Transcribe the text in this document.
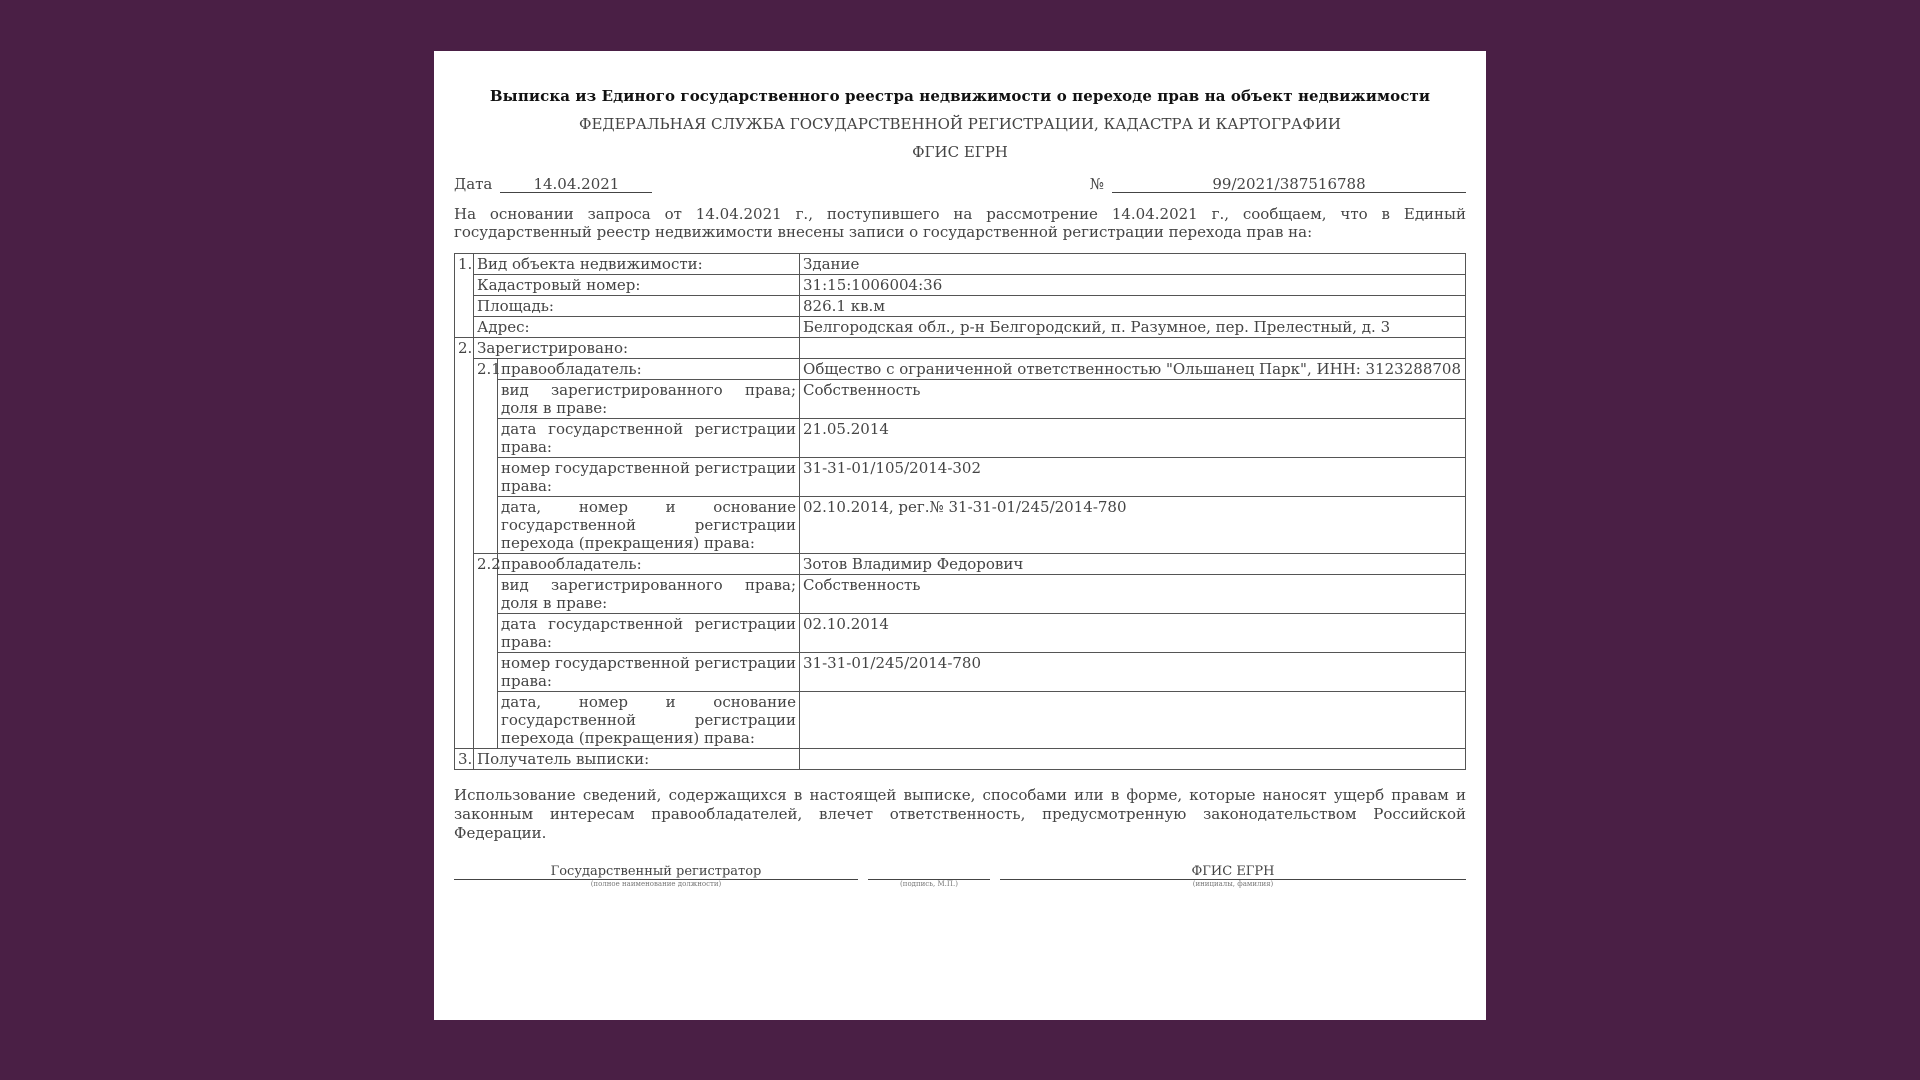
Выписка из Единого государственного реестра недвижимости о переходе прав на объект недвижимости
ФЕДЕРАЛЬНАЯ СЛУЖБА ГОСУДАРСТВЕННОЙ РЕГИСТРАЦИИ, КАДАСТРА И КАРТОГРАФИИ
ФГИС ЕГРН
Дата	14.04.2021	№	99/2021/387516788

На основании запроса от 14.04.2021 г., поступившего на рассмотрение 14.04.2021 г., сообщаем, что в Единый государственный реестр недвижимости внесены записи о государственной регистрации перехода прав на:

1.	Вид объекта недвижимости:		Здание
	Кадастровый номер:		31:15:1006004:36
	Площадь:		826.1 кв.м
	Адрес:		Белгородская обл., р-н Белгородский, п. Разумное, пер. Прелестный, д. 3
2.	Зарегистрировано:		
	2.1	правообладатель:	Общество с ограниченной ответственностью "Ольшанец Парк", ИНН: 3123288708
		вид зарегистрированного права; доля в праве:	Собственность
		дата государственной регистрации права:	21.05.2014
		номер государственной регистрации права:	31-31-01/105/2014-302
		дата, номер и основание государственной регистрации перехода (прекращения) права:	02.10.2014, рег.№ 31-31-01/245/2014-780
	2.2	правообладатель:	Зотов Владимир Федорович
		вид зарегистрированного права; доля в праве:	Собственность
		дата государственной регистрации права:	02.10.2014
		номер государственной регистрации права:	31-31-01/245/2014-780
		дата, номер и основание государственной регистрации перехода (прекращения) права:	
3.	Получатель выписки:		

Использование сведений, содержащихся в настоящей выписке, способами или в форме, которые наносят ущерб правам и законным интересам правообладателей, влечет ответственность, предусмотренную законодательством Российской Федерации.

Государственный регистратор
(полное наименование должности)
	(подпись, М.П.)
ФГИС ЕГРН
(инициалы, фамилия)
